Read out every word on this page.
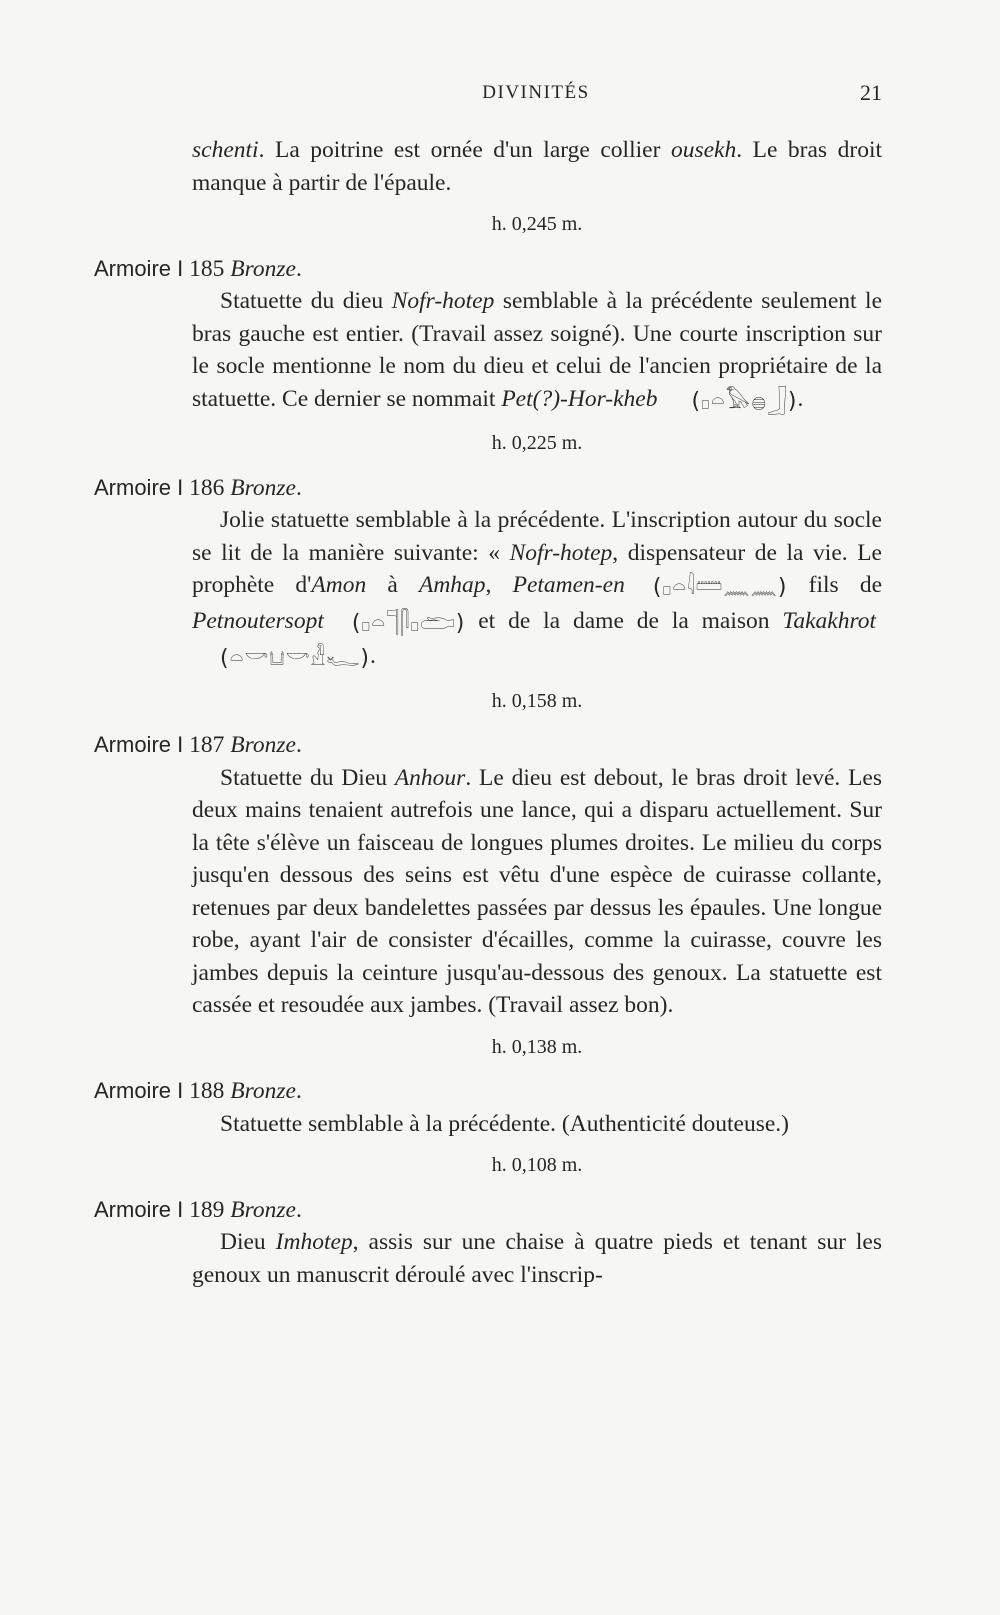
DIVINITÉS	21

schenti. La poitrine est ornée d'un large collier ousekh. Le bras droit manque à partir de l'épaule.

h. 0,245 m.
Armoire I 185 Bronze.

Statuette du dieu Nofr-hotep semblable à la précédente seulement le bras gauche est entier. (Travail assez soigné). Une courte inscription sur le socle mentionne le nom du dieu et celui de l'ancien propriétaire de la statuette. Ce dernier se nommait Pet(?)-Hor-kheb (𓊪𓏏𓅃𓐍𓃀).

h. 0,225 m.
Armoire I 186 Bronze.

Jolie statuette semblable à la précédente. L'inscription autour du socle se lit de la manière suivante: « Nofr-hotep, dispensateur de la vie. Le prophète d'Amon à Amhap, Petamen-en (𓊪𓏏𓇋𓏠𓈖𓈖) fils de Petnoutersopt (𓊪𓏏𓊹𓋴𓊪𓂧) et de la dame de la maison Takakhrot(𓏏𓎡𓂓𓎡𓁐𓆑).

h. 0,158 m.
Armoire I 187 Bronze.

Statuette du Dieu Anhour. Le dieu est debout, le bras droit levé. Les deux mains tenaient autrefois une lance, qui a disparu actuellement. Sur la tête s'élève un faisceau de longues plumes droites. Le milieu du corps jusqu'en dessous des seins est vêtu d'une espèce de cuirasse collante, retenues par deux bandelettes passées par dessus les épaules. Une longue robe, ayant l'air de consister d'écailles, comme la cuirasse, couvre les jambes depuis la ceinture jusqu'au-dessous des genoux. La statuette est cassée et resoudée aux jambes. (Travail assez bon).

h. 0,138 m.
Armoire I 188 Bronze.

Statuette semblable à la précédente. (Authenticité douteuse.)

h. 0,108 m.
Armoire I 189 Bronze.

Dieu Imhotep, assis sur une chaise à quatre pieds et tenant sur les genoux un manuscrit déroulé avec l'inscrip-
